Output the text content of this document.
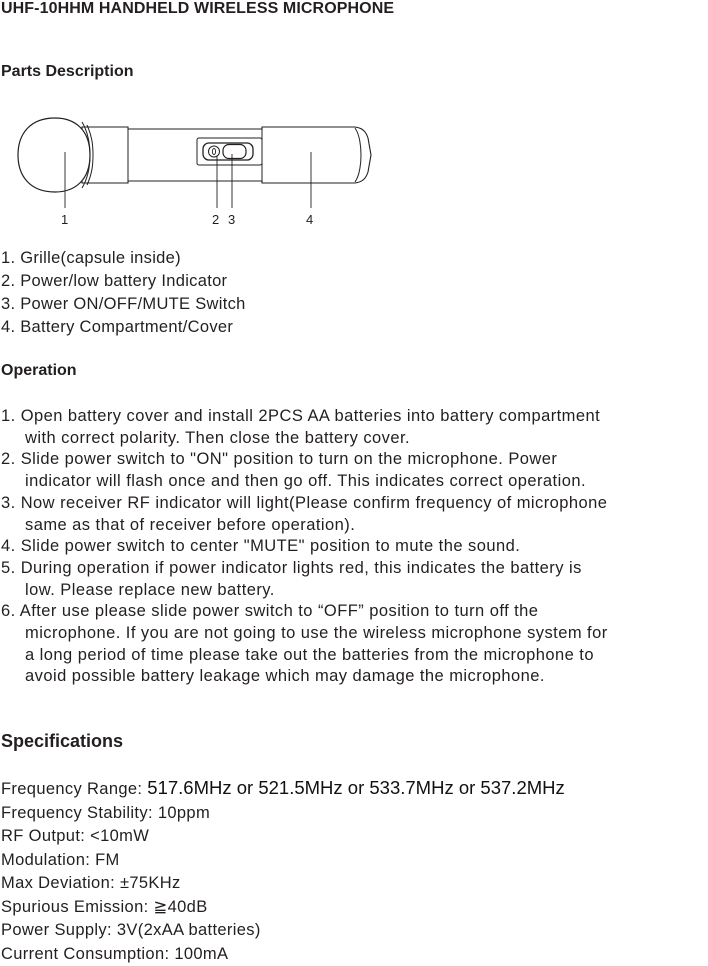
UHF-10HHM HANDHELD WIRELESS MICROPHONE
Parts Description
1	2 3	4
1. Grille(capsule inside)
2. Power/low battery Indicator
3. Power ON/OFF/MUTE Switch
4. Battery Compartment/Cover
Operation
1. Open battery cover and install 2PCS AA batteries into battery compartment
with correct polarity. Then close the battery cover.
2. Slide power switch to "ON" position to turn on the microphone. Power
indicator will flash once and then go off. This indicates correct operation.
3. Now receiver RF indicator will light(Please confirm frequency of microphone
same as that of receiver before operation).
4. Slide power switch to center "MUTE" position to mute the sound.
5. During operation if power indicator lights red, this indicates the battery is
low. Please replace new battery.
6. After use please slide power switch to “OFF” position to turn off the
microphone. If you are not going to use the wireless microphone system for
a long period of time please take out the batteries from the microphone to
avoid possible battery leakage which may damage the microphone.
Specifications
Frequency Range: 517.6MHz or 521.5MHz or 533.7MHz or 537.2MHz
Frequency Stability: 10ppm
RF Output: <10mW
Modulation: FM
Max Deviation: ±75KHz
Spurious Emission: ≧40dB
Power Supply: 3V(2xAA batteries)
Current Consumption: 100mA
